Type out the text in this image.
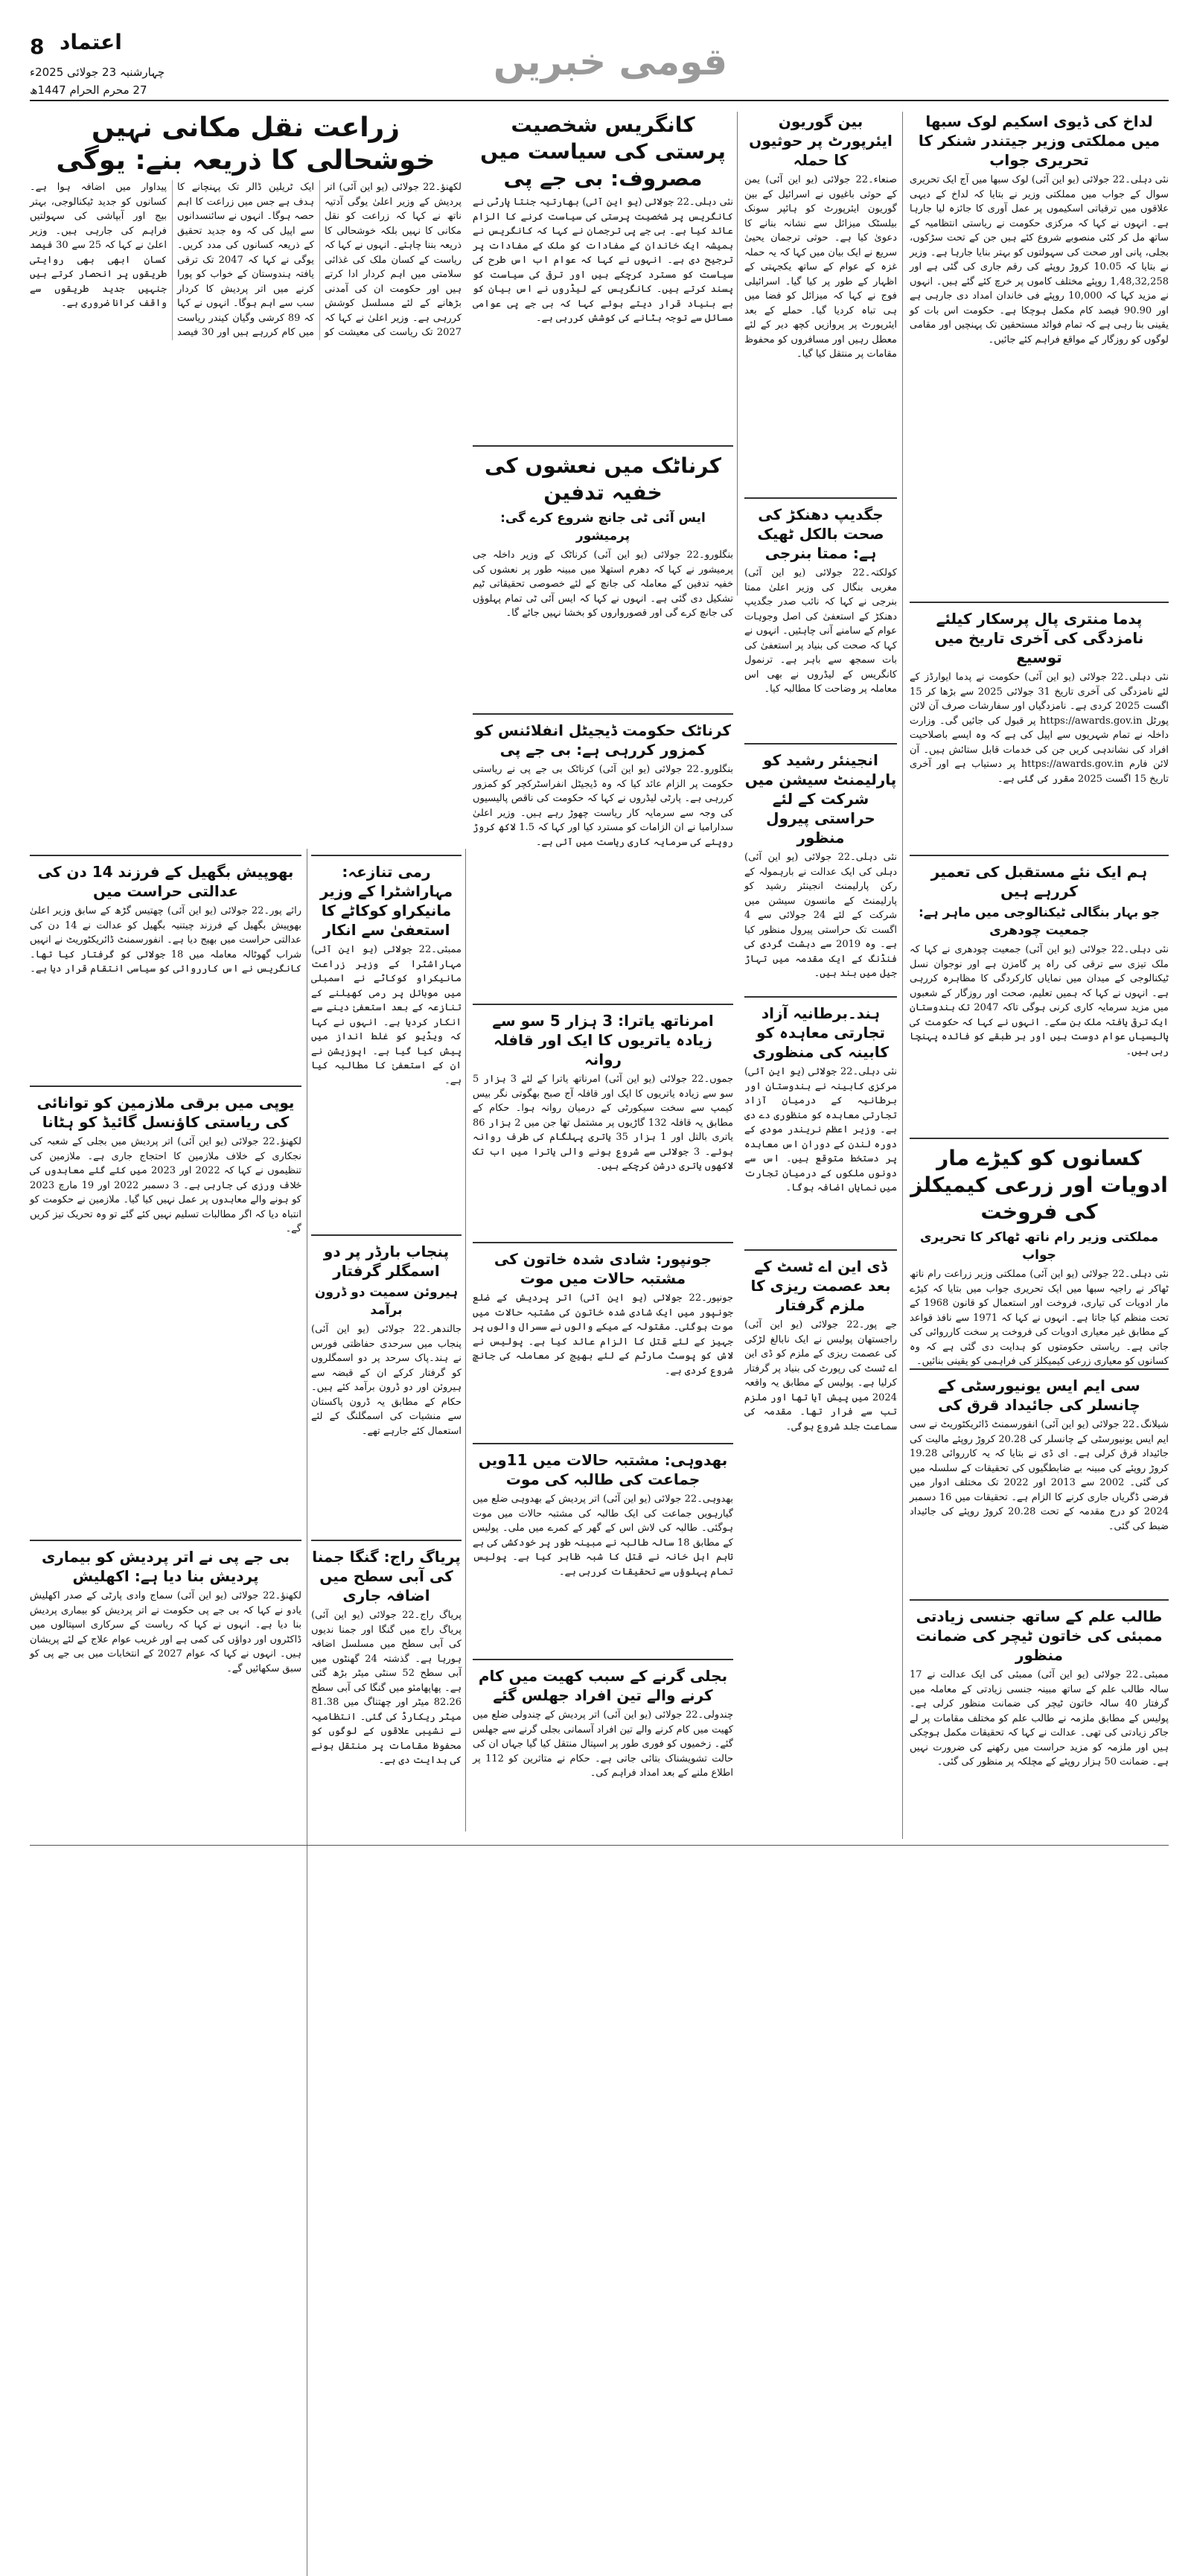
8 اعتماد
چہارشنبہ 23 جولائی 2025ء
27 محرم الحرام 1447ھ
قومی خبریں
لداخ کی ڈیوی اسکیم لوک سبھا میں مملکتی وزیر جیتندر شنکر کا تحریری جواب

نئی دہلی۔22 جولائی (یو این آئی) لوک سبھا میں آج ایک تحریری سوال کے جواب میں مملکتی وزیر نے بتایا کہ لداخ کے دیہی علاقوں میں ترقیاتی اسکیموں پر عمل آوری کا جائزہ لیا جارہا ہے۔ انہوں نے کہا کہ مرکزی حکومت نے ریاستی انتظامیہ کے ساتھ مل کر کئی منصوبے شروع کئے ہیں جن کے تحت سڑکوں، بجلی، پانی اور صحت کی سہولتوں کو بہتر بنایا جارہا ہے۔ وزیر نے بتایا کہ 10.05 کروڑ روپئے کی رقم جاری کی گئی ہے اور 1,48,32,258 روپئے مختلف کاموں پر خرچ کئے گئے ہیں۔ انہوں نے مزید کہا کہ 10,000 روپئے فی خاندان امداد دی جارہی ہے اور 90.90 فیصد کام مکمل ہوچکا ہے۔ حکومت اس بات کو یقینی بنا رہی ہے کہ تمام فوائد مستحقین تک پہنچیں اور مقامی لوگوں کو روزگار کے مواقع فراہم کئے جائیں۔

پدما منتری پال پرسکار کیلئے نامزدگی کی آخری تاریخ میں توسیع

نئی دہلی۔22 جولائی (یو این آئی) حکومت نے پدما ایوارڈز کے لئے نامزدگی کی آخری تاریخ 31 جولائی 2025 سے بڑھا کر 15 اگست 2025 کردی ہے۔ نامزدگیاں اور سفارشات صرف آن لائن پورٹل https://awards.gov.in پر قبول کی جائیں گی۔ وزارت داخلہ نے تمام شہریوں سے اپیل کی ہے کہ وہ ایسے باصلاحیت افراد کی نشاندہی کریں جن کی خدمات قابل ستائش ہیں۔ آن لائن فارم https://awards.gov.in پر دستیاب ہے اور آخری تاریخ 15 اگست 2025 مقرر کی گئی ہے۔

ہم ایک نئے مستقبل کی تعمیر کررہے ہیں
جو بہار بنگالی ٹیکنالوجی میں ماہر ہے: جمعیت چودھری

نئی دہلی۔22 جولائی (یو این آئی) جمعیت چودھری نے کہا کہ ملک تیزی سے ترقی کی راہ پر گامزن ہے اور نوجوان نسل ٹیکنالوجی کے میدان میں نمایاں کارکردگی کا مظاہرہ کررہی ہے۔ انہوں نے کہا کہ ہمیں تعلیم، صحت اور روزگار کے شعبوں میں مزید سرمایہ کاری کرنی ہوگی تاکہ 2047 تک ہندوستان ایک ترقی یافتہ ملک بن سکے۔ انہوں نے کہا کہ حکومت کی پالیسیاں عوام دوست ہیں اور ہر طبقے کو فائدہ پہنچا رہی ہیں۔

کسانوں کو کیڑے مار ادویات اور زرعی کیمیکلز کی فروخت
مملکتی وزیر رام ناتھ ٹھاکر کا تحریری جواب

نئی دہلی۔22 جولائی (یو این آئی) مملکتی وزیر زراعت رام ناتھ ٹھاکر نے راجیہ سبھا میں ایک تحریری جواب میں بتایا کہ کیڑے مار ادویات کی تیاری، فروخت اور استعمال کو قانون 1968 کے تحت منظم کیا جاتا ہے۔ انہوں نے کہا کہ 1971 سے نافذ قواعد کے مطابق غیر معیاری ادویات کی فروخت پر سخت کارروائی کی جاتی ہے۔ ریاستی حکومتوں کو ہدایت دی گئی ہے کہ وہ کسانوں کو معیاری زرعی کیمیکلز کی فراہمی کو یقینی بنائیں۔

سی ایم ایس یونیورسٹی کے چانسلر کی جائیداد قرق کی

شیلانگ۔22 جولائی (یو این آئی) انفورسمنٹ ڈائریکٹوریٹ نے سی ایم ایس یونیورسٹی کے چانسلر کی 20.28 کروڑ روپئے مالیت کی جائیداد قرق کرلی ہے۔ ای ڈی نے بتایا کہ یہ کارروائی 19.28 کروڑ روپئے کی مبینہ بے ضابطگیوں کی تحقیقات کے سلسلہ میں کی گئی۔ 2002 سے 2013 اور 2022 تک مختلف ادوار میں فرضی ڈگریاں جاری کرنے کا الزام ہے۔ تحقیقات میں 16 دسمبر 2024 کو درج مقدمہ کے تحت 20.28 کروڑ روپئے کی جائیداد ضبط کی گئی۔

طالب علم کے ساتھ جنسی زیادتی ممبئی کی خاتون ٹیچر کی ضمانت منظور

ممبئی۔22 جولائی (یو این آئی) ممبئی کی ایک عدالت نے 17 سالہ طالب علم کے ساتھ مبینہ جنسی زیادتی کے معاملہ میں گرفتار 40 سالہ خاتون ٹیچر کی ضمانت منظور کرلی ہے۔ پولیس کے مطابق ملزمہ نے طالب علم کو مختلف مقامات پر لے جاکر زیادتی کی تھی۔ عدالت نے کہا کہ تحقیقات مکمل ہوچکی ہیں اور ملزمہ کو مزید حراست میں رکھنے کی ضرورت نہیں ہے۔ ضمانت 50 ہزار روپئے کے مچلکہ پر منظور کی گئی۔

بین گوریون ایئرپورٹ پر حوثیوں کا حملہ

صنعاء۔22 جولائی (یو این آئی) یمن کے حوثی باغیوں نے اسرائیل کے بین گوریون ایئرپورٹ کو ہائپر سونک بیلسٹک میزائل سے نشانہ بنانے کا دعویٰ کیا ہے۔ حوثی ترجمان یحییٰ سریع نے ایک بیان میں کہا کہ یہ حملہ غزہ کے عوام کے ساتھ یکجہتی کے اظہار کے طور پر کیا گیا۔ اسرائیلی فوج نے کہا کہ میزائل کو فضا میں ہی تباہ کردیا گیا۔ حملے کے بعد ایئرپورٹ پر پروازیں کچھ دیر کے لئے معطل رہیں اور مسافروں کو محفوظ مقامات پر منتقل کیا گیا۔

جگدیپ دھنکڑ کی صحت بالکل ٹھیک ہے: ممتا بنرجی

کولکتہ۔22 جولائی (یو این آئی) مغربی بنگال کی وزیر اعلیٰ ممتا بنرجی نے کہا کہ نائب صدر جگدیپ دھنکڑ کے استعفیٰ کی اصل وجوہات عوام کے سامنے آنی چاہئیں۔ انہوں نے کہا کہ صحت کی بنیاد پر استعفیٰ کی بات سمجھ سے باہر ہے۔ ترنمول کانگریس کے لیڈروں نے بھی اس معاملہ پر وضاحت کا مطالبہ کیا۔

انجینئر رشید کو پارلیمنٹ سیشن میں شرکت کے لئے حراستی پیرول منظور

نئی دہلی۔22 جولائی (یو این آئی) دہلی کی ایک عدالت نے بارہمولہ کے رکن پارلیمنٹ انجینئر رشید کو پارلیمنٹ کے مانسون سیشن میں شرکت کے لئے 24 جولائی سے 4 اگست تک حراستی پیرول منظور کیا ہے۔ وہ 2019 سے دہشت گردی کی فنڈنگ کے ایک مقدمہ میں تہاڑ جیل میں بند ہیں۔

ہند۔برطانیہ آزاد تجارتی معاہدہ کو کابینہ کی منظوری

نئی دہلی۔22 جولائی (یو این آئی) مرکزی کابینہ نے ہندوستان اور برطانیہ کے درمیان آزاد تجارتی معاہدہ کو منظوری دے دی ہے۔ وزیر اعظم نریندر مودی کے دورہ لندن کے دوران اس معاہدہ پر دستخط متوقع ہیں۔ اس سے دونوں ملکوں کے درمیان تجارت میں نمایاں اضافہ ہوگا۔

ڈی این اے ٹسٹ کے بعد عصمت ریزی کا ملزم گرفتار

جے پور۔22 جولائی (یو این آئی) راجستھان پولیس نے ایک نابالغ لڑکی کی عصمت ریزی کے ملزم کو ڈی این اے ٹسٹ کی رپورٹ کی بنیاد پر گرفتار کرلیا ہے۔ پولیس کے مطابق یہ واقعہ 2024 میں پیش آیا تھا اور ملزم تب سے فرار تھا۔ مقدمہ کی سماعت جلد شروع ہوگی۔

کانگریس شخصیت پرستی کی سیاست میں مصروف: بی جے پی

نئی دہلی۔22 جولائی (یو این آئی) بھارتیہ جنتا پارٹی نے کانگریس پر شخصیت پرستی کی سیاست کرنے کا الزام عائد کیا ہے۔ بی جے پی ترجمان نے کہا کہ کانگریس نے ہمیشہ ایک خاندان کے مفادات کو ملک کے مفادات پر ترجیح دی ہے۔ انہوں نے کہا کہ عوام اب اس طرح کی سیاست کو مسترد کرچکے ہیں اور ترقی کی سیاست کو پسند کرتے ہیں۔ کانگریس کے لیڈروں نے اس بیان کو بے بنیاد قرار دیتے ہوئے کہا کہ بی جے پی عوامی مسائل سے توجہ ہٹانے کی کوشش کررہی ہے۔

کرناٹک میں نعشوں کی خفیہ تدفین
ایس آئی ٹی جانچ شروع کرے گی: پرمیشور

بنگلورو۔22 جولائی (یو این آئی) کرناٹک کے وزیر داخلہ جی پرمیشور نے کہا کہ دھرم استھلا میں مبینہ طور پر نعشوں کی خفیہ تدفین کے معاملہ کی جانچ کے لئے خصوصی تحقیقاتی ٹیم تشکیل دی گئی ہے۔ انہوں نے کہا کہ ایس آئی ٹی تمام پہلوؤں کی جانچ کرے گی اور قصورواروں کو بخشا نہیں جائے گا۔

کرناٹک حکومت ڈیجیٹل انفلائنس کو کمزور کررہی ہے: بی جے پی

بنگلورو۔22 جولائی (یو این آئی) کرناٹک بی جے پی نے ریاستی حکومت پر الزام عائد کیا کہ وہ ڈیجیٹل انفراسٹرکچر کو کمزور کررہی ہے۔ پارٹی لیڈروں نے کہا کہ حکومت کی ناقص پالیسیوں کی وجہ سے سرمایہ کار ریاست چھوڑ رہے ہیں۔ وزیر اعلیٰ سدارامیا نے ان الزامات کو مسترد کیا اور کہا کہ 1.5 لاکھ کروڑ روپئے کی سرمایہ کاری ریاست میں آئی ہے۔

امرناتھ یاترا: 3 ہزار 5 سو سے زیادہ یاتریوں کا ایک اور قافلہ روانہ

جموں۔22 جولائی (یو این آئی) امرناتھ یاترا کے لئے 3 ہزار 5 سو سے زیادہ یاتریوں کا ایک اور قافلہ آج صبح بھگوتی نگر بیس کیمپ سے سخت سیکورٹی کے درمیان روانہ ہوا۔ حکام کے مطابق یہ قافلہ 132 گاڑیوں پر مشتمل تھا جن میں 2 ہزار 86 یاتری بالتل اور 1 ہزار 35 یاتری پہلگام کی طرف روانہ ہوئے۔ 3 جولائی سے شروع ہونے والی یاترا میں اب تک لاکھوں یاتری درشن کرچکے ہیں۔

جونپور: شادی شدہ خاتون کی مشتبہ حالات میں موت

جونپور۔22 جولائی (یو این آئی) اتر پردیش کے ضلع جونپور میں ایک شادی شدہ خاتون کی مشتبہ حالات میں موت ہوگئی۔ مقتولہ کے میکے والوں نے سسرال والوں پر جہیز کے لئے قتل کا الزام عائد کیا ہے۔ پولیس نے لاش کو پوسٹ مارٹم کے لئے بھیج کر معاملہ کی جانچ شروع کردی ہے۔

بھدوہی: مشتبہ حالات میں 11ویں جماعت کی طالبہ کی موت

بھدوہی۔22 جولائی (یو این آئی) اتر پردیش کے بھدوہی ضلع میں گیارہویں جماعت کی ایک طالبہ کی مشتبہ حالات میں موت ہوگئی۔ طالبہ کی لاش اس کے گھر کے کمرے میں ملی۔ پولیس کے مطابق 18 سالہ طالبہ نے مبینہ طور پر خودکشی کی ہے تاہم اہل خانہ نے قتل کا شبہ ظاہر کیا ہے۔ پولیس تمام پہلوؤں سے تحقیقات کررہی ہے۔

بجلی گرنے کے سبب کھیت میں کام کرنے والے تین افراد جھلس گئے

چندولی۔22 جولائی (یو این آئی) اتر پردیش کے چندولی ضلع میں کھیت میں کام کرنے والے تین افراد آسمانی بجلی گرنے سے جھلس گئے۔ زخمیوں کو فوری طور پر اسپتال منتقل کیا گیا جہاں ان کی حالت تشویشناک بتائی جاتی ہے۔ حکام نے متاثرین کو 112 پر اطلاع ملنے کے بعد امداد فراہم کی۔

زراعت نقل مکانی نہیں خوشحالی کا ذریعہ بنے: یوگی

لکھنؤ۔22 جولائی (یو این آئی) اتر پردیش کے وزیر اعلیٰ یوگی آدتیہ ناتھ نے کہا کہ زراعت کو نقل مکانی کا نہیں بلکہ خوشحالی کا ذریعہ بننا چاہئے۔ انہوں نے کہا کہ ریاست کے کسان ملک کی غذائی سلامتی میں اہم کردار ادا کرتے ہیں اور حکومت ان کی آمدنی بڑھانے کے لئے مسلسل کوشش کررہی ہے۔ وزیر اعلیٰ نے کہا کہ 2027 تک ریاست کی معیشت کو ایک ٹریلین ڈالر تک پہنچانے کا ہدف ہے جس میں زراعت کا اہم حصہ ہوگا۔ انہوں نے سائنسدانوں سے اپیل کی کہ وہ جدید تحقیق کے ذریعہ کسانوں کی مدد کریں۔ یوگی نے کہا کہ 2047 تک ترقی یافتہ ہندوستان کے خواب کو پورا کرنے میں اتر پردیش کا کردار سب سے اہم ہوگا۔ انہوں نے کہا کہ 89 کرشی وگیان کیندر ریاست میں کام کررہے ہیں اور 30 فیصد پیداوار میں اضافہ ہوا ہے۔ کسانوں کو جدید ٹیکنالوجی، بہتر بیج اور آبپاشی کی سہولتیں فراہم کی جارہی ہیں۔ وزیر اعلیٰ نے کہا کہ 25 سے 30 فیصد کسان ابھی بھی روایتی طریقوں پر انحصار کرتے ہیں جنہیں جدید طریقوں سے واقف کرانا ضروری ہے۔

بھوپیش بگھیل کے فرزند 14 دن کی عدالتی حراست میں

رائے پور۔22 جولائی (یو این آئی) چھتیس گڑھ کے سابق وزیر اعلیٰ بھوپیش بگھیل کے فرزند چیتنیہ بگھیل کو عدالت نے 14 دن کی عدالتی حراست میں بھیج دیا ہے۔ انفورسمنٹ ڈائریکٹوریٹ نے انہیں شراب گھوٹالہ معاملہ میں 18 جولائی کو گرفتار کیا تھا۔ کانگریس نے اس کارروائی کو سیاسی انتقام قرار دیا ہے۔

یوپی میں برقی ملازمین کو توانائی کی ریاستی کاؤنسل گائیڈ کو ہٹانا

لکھنؤ۔22 جولائی (یو این آئی) اتر پردیش میں بجلی کے شعبہ کی نجکاری کے خلاف ملازمین کا احتجاج جاری ہے۔ ملازمین کی تنظیموں نے کہا کہ 2022 اور 2023 میں کئے گئے معاہدوں کی خلاف ورزی کی جارہی ہے۔ 3 دسمبر 2022 اور 19 مارچ 2023 کو ہونے والے معاہدوں پر عمل نہیں کیا گیا۔ ملازمین نے حکومت کو انتباہ دیا کہ اگر مطالبات تسلیم نہیں کئے گئے تو وہ تحریک تیز کریں گے۔

بی جے پی نے اتر پردیش کو بیماری پردیش بنا دیا ہے: اکھلیش

لکھنؤ۔22 جولائی (یو این آئی) سماج وادی پارٹی کے صدر اکھلیش یادو نے کہا کہ بی جے پی حکومت نے اتر پردیش کو بیماری پردیش بنا دیا ہے۔ انہوں نے کہا کہ ریاست کے سرکاری اسپتالوں میں ڈاکٹروں اور دواؤں کی کمی ہے اور غریب عوام علاج کے لئے پریشان ہیں۔ انہوں نے کہا کہ عوام 2027 کے انتخابات میں بی جے پی کو سبق سکھائیں گے۔

رمی تنازعہ: مہاراشٹرا کے وزیر مانیکراو کوکاٹے کا استعفیٰ سے انکار

ممبئی۔22 جولائی (یو این آئی) مہاراشٹرا کے وزیر زراعت مانیکراو کوکاٹے نے اسمبلی میں موبائل پر رمی کھیلنے کے تنازعہ کے بعد استعفیٰ دینے سے انکار کردیا ہے۔ انہوں نے کہا کہ ویڈیو کو غلط انداز میں پیش کیا گیا ہے۔ اپوزیشن نے ان کے استعفیٰ کا مطالبہ کیا ہے۔

پنجاب بارڈر پر دو اسمگلر گرفتار
ہیروئن سمیت دو ڈرون برآمد

جالندھر۔22 جولائی (یو این آئی) پنجاب میں سرحدی حفاظتی فورس نے ہند۔پاک سرحد پر دو اسمگلروں کو گرفتار کرکے ان کے قبضہ سے ہیروئن اور دو ڈرون برآمد کئے ہیں۔ حکام کے مطابق یہ ڈرون پاکستان سے منشیات کی اسمگلنگ کے لئے استعمال کئے جارہے تھے۔

پریاگ راج: گنگا جمنا کی آبی سطح میں اضافہ جاری

پریاگ راج۔22 جولائی (یو این آئی) پریاگ راج میں گنگا اور جمنا ندیوں کی آبی سطح میں مسلسل اضافہ ہورہا ہے۔ گذشتہ 24 گھنٹوں میں آبی سطح 52 سنٹی میٹر بڑھ گئی ہے۔ پھاپھامئو میں گنگا کی آبی سطح 82.26 میٹر اور چھتناگ میں 81.38 میٹر ریکارڈ کی گئی۔ انتظامیہ نے نشیبی علاقوں کے لوگوں کو محفوظ مقامات پر منتقل ہونے کی ہدایت دی ہے۔
